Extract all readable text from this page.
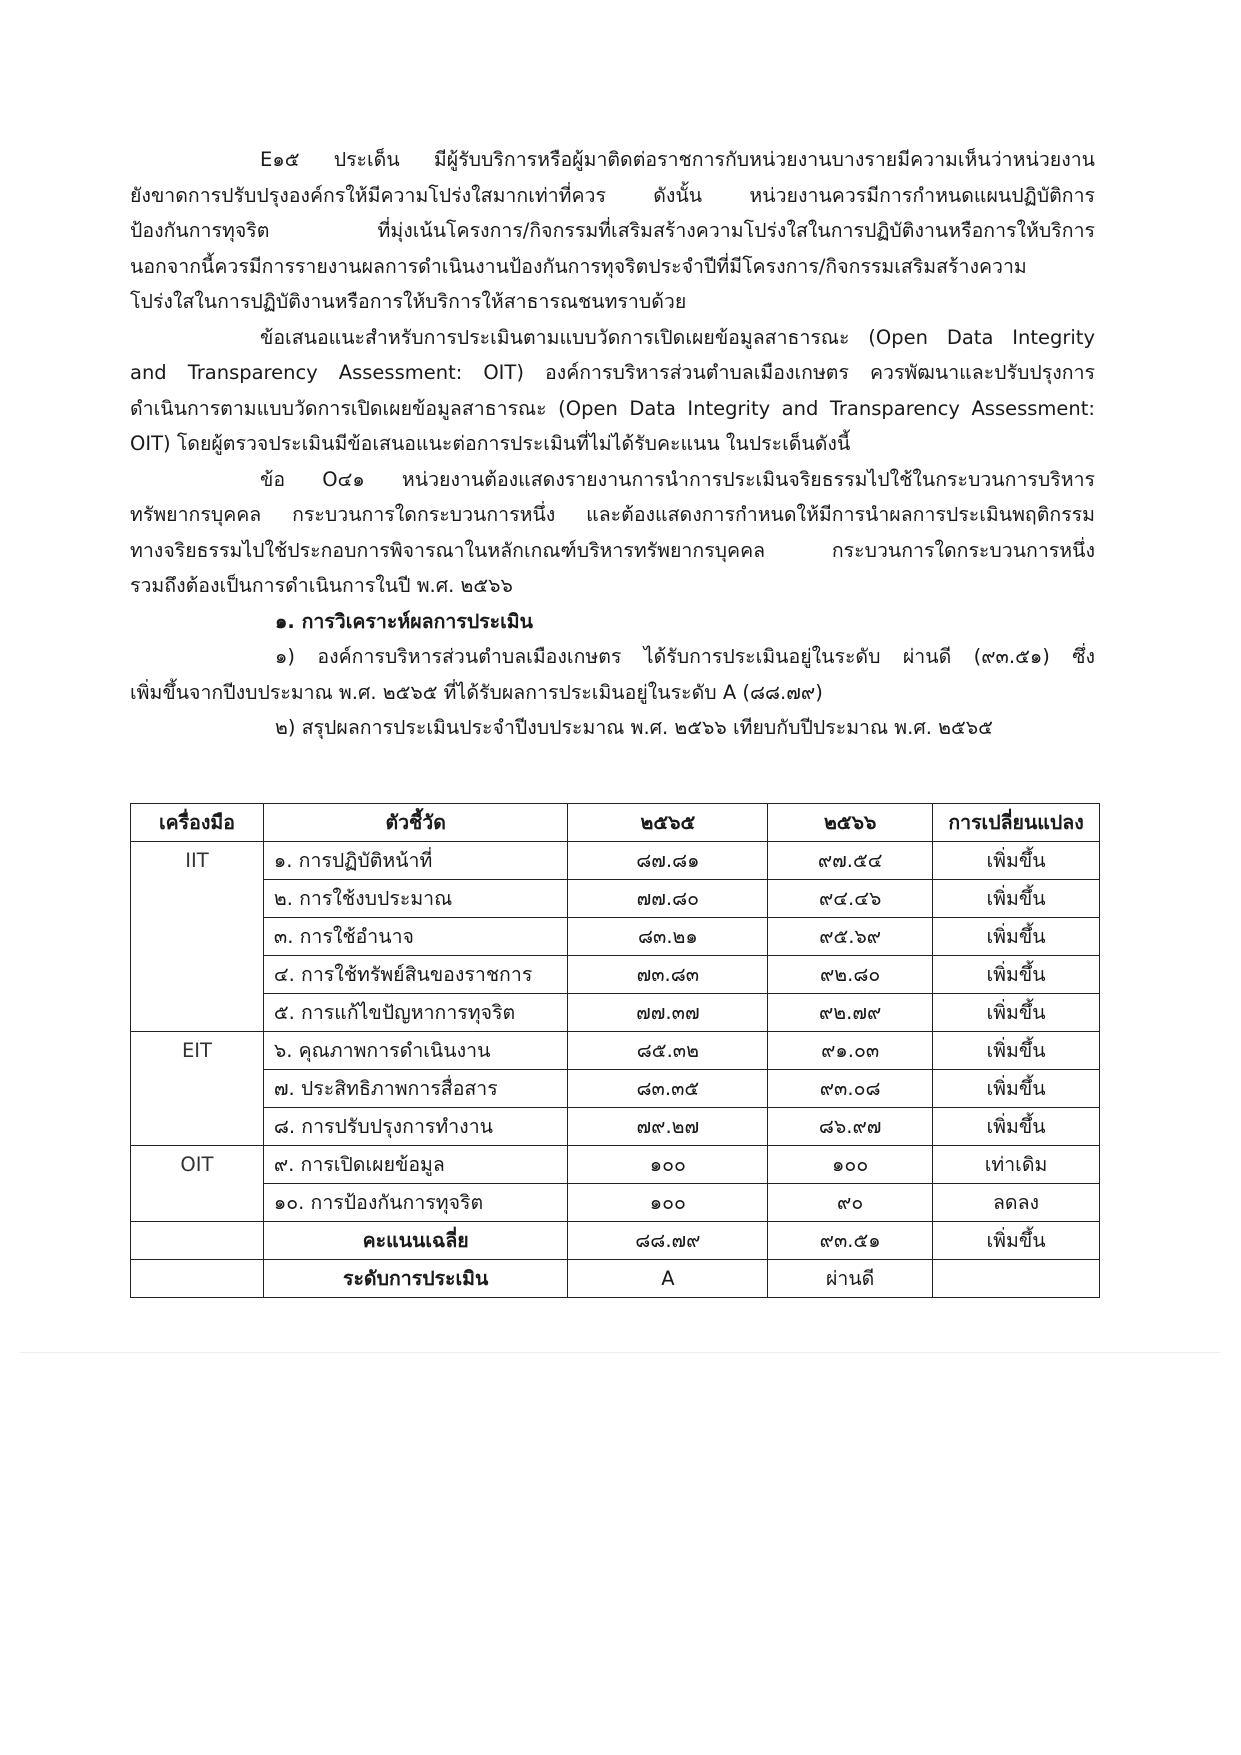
E๑๕ ประเด็น มีผู้รับบริการหรือผู้มาติดต่อราชการกับหน่วยงานบางรายมีความเห็นว่าหน่วยงาน
ยังขาดการปรับปรุงองค์กรให้มีความโปร่งใสมากเท่าที่ควร ดังนั้น หน่วยงานควรมีการกำหนดแผนปฏิบัติการ
ป้องกันการทุจริต ที่มุ่งเน้นโครงการ/กิจกรรมที่เสริมสร้างความโปร่งใสในการปฏิบัติงานหรือการให้บริการ
นอกจากนี้ควรมีการรายงานผลการดำเนินงานป้องกันการทุจริตประจำปีที่มีโครงการ/กิจกรรมเสริมสร้างความ
โปร่งใสในการปฏิบัติงานหรือการให้บริการให้สาธารณชนทราบด้วย

ข้อเสนอแนะสำหรับการประเมินตามแบบวัดการเปิดเผยข้อมูลสาธารณะ (Open Data Integrity
and Transparency Assessment: OIT) องค์การบริหารส่วนตำบลเมืองเกษตร ควรพัฒนาและปรับปรุงการ
ดำเนินการตามแบบวัดการเปิดเผยข้อมูลสาธารณะ (Open Data Integrity and Transparency Assessment:
OIT) โดยผู้ตรวจประเมินมีข้อเสนอแนะต่อการประเมินที่ไม่ได้รับคะแนน ในประเด็นดังนี้

ข้อ O๔๑ หน่วยงานต้องแสดงรายงานการนำการประเมินจริยธรรมไปใช้ในกระบวนการบริหาร
ทรัพยากรบุคคล กระบวนการใดกระบวนการหนึ่ง และต้องแสดงการกำหนดให้มีการนำผลการประเมินพฤติกรรม
ทางจริยธรรมไปใช้ประกอบการพิจารณาในหลักเกณฑ์บริหารทรัพยากรบุคคล กระบวนการใดกระบวนการหนึ่ง
รวมถึงต้องเป็นการดำเนินการในปี พ.ศ. ๒๕๖๖

๑. การวิเคราะห์ผลการประเมิน

๑) องค์การบริหารส่วนตำบลเมืองเกษตร ได้รับการประเมินอยู่ในระดับ ผ่านดี (๙๓.๕๑) ซึ่ง
เพิ่มขึ้นจากปีงบประมาณ พ.ศ. ๒๕๖๕ ที่ได้รับผลการประเมินอยู่ในระดับ A (๘๘.๗๙)

๒) สรุปผลการประเมินประจำปีงบประมาณ พ.ศ. ๒๕๖๖ เทียบกับปีประมาณ พ.ศ. ๒๕๖๕

เครื่องมือ	ตัวชี้วัด	๒๕๖๕	๒๕๖๖	การเปลี่ยนแปลง
IIT	๑. การปฏิบัติหน้าที่	๘๗.๘๑	๙๗.๕๔	เพิ่มขึ้น
	๒. การใช้งบประมาณ	๗๗.๘๐	๙๔.๔๖	เพิ่มขึ้น
	๓. การใช้อำนาจ	๘๓.๒๑	๙๕.๖๙	เพิ่มขึ้น
	๔. การใช้ทรัพย์สินของราชการ	๗๓.๘๓	๙๒.๘๐	เพิ่มขึ้น
	๕. การแก้ไขปัญหาการทุจริต	๗๗.๓๗	๙๒.๗๙	เพิ่มขึ้น
EIT	๖. คุณภาพการดำเนินงาน	๘๕.๓๒	๙๑.๐๓	เพิ่มขึ้น
	๗. ประสิทธิภาพการสื่อสาร	๘๓.๓๕	๙๓.๐๘	เพิ่มขึ้น
	๘. การปรับปรุงการทำงาน	๗๙.๒๗	๘๖.๙๗	เพิ่มขึ้น
OIT	๙. การเปิดเผยข้อมูล	๑๐๐	๑๐๐	เท่าเดิม
	๑๐. การป้องกันการทุจริต	๑๐๐	๙๐	ลดลง
	คะแนนเฉลี่ย	๘๘.๗๙	๙๓.๕๑	เพิ่มขึ้น
	ระดับการประเมิน	A	ผ่านดี	
